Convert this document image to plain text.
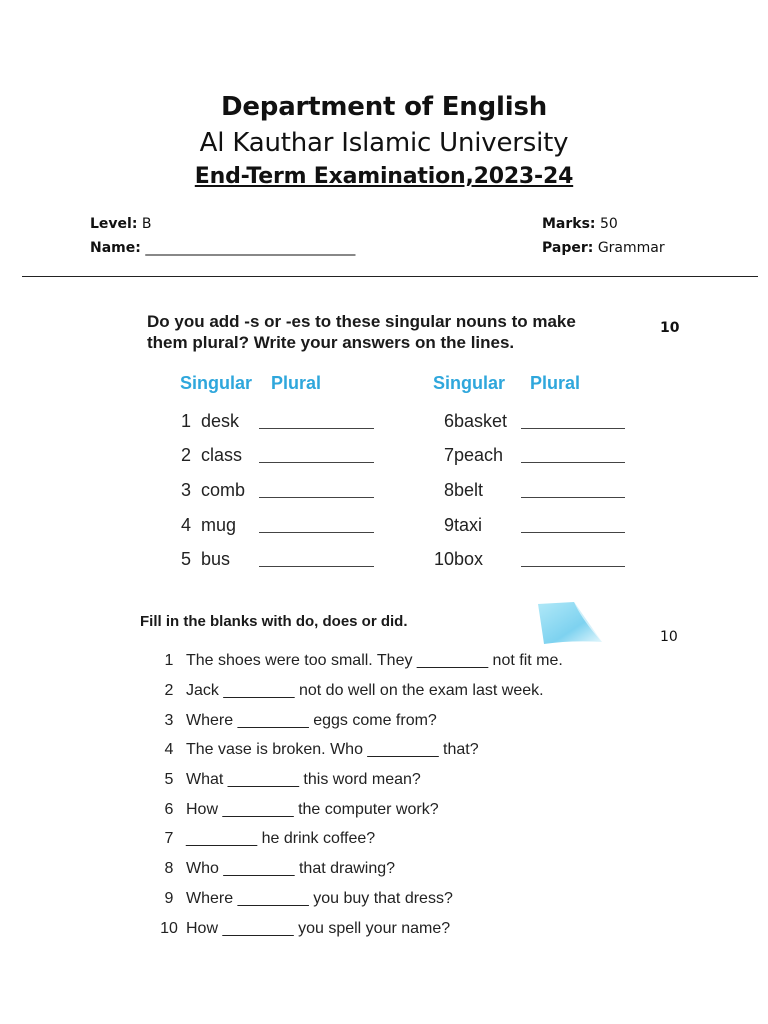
Department of English
Al Kauthar Islamic University
End-Term Examination,2023-24
Level: B
Name: ______________________________
Marks: 50
Paper: Grammar
Do you add -s or -es to these singular nouns to make
them plural? Write your answers on the lines.
10
Singular Plural	Singular Plural
1 desk
2 class
3 comb
4 mug
5 bus
6 basket
7 peach
8 belt
9 taxi
10 box
Fill in the blanks with do, does or did.
10
1 The shoes were too small. They ________ not fit me.
2 Jack ________ not do well on the exam last week.
3 Where ________ eggs come from?
4 The vase is broken. Who ________ that?
5 What ________ this word mean?
6 How ________ the computer work?
7 ________ he drink coffee?
8 Who ________ that drawing?
9 Where ________ you buy that dress?
10 How ________ you spell your name?
